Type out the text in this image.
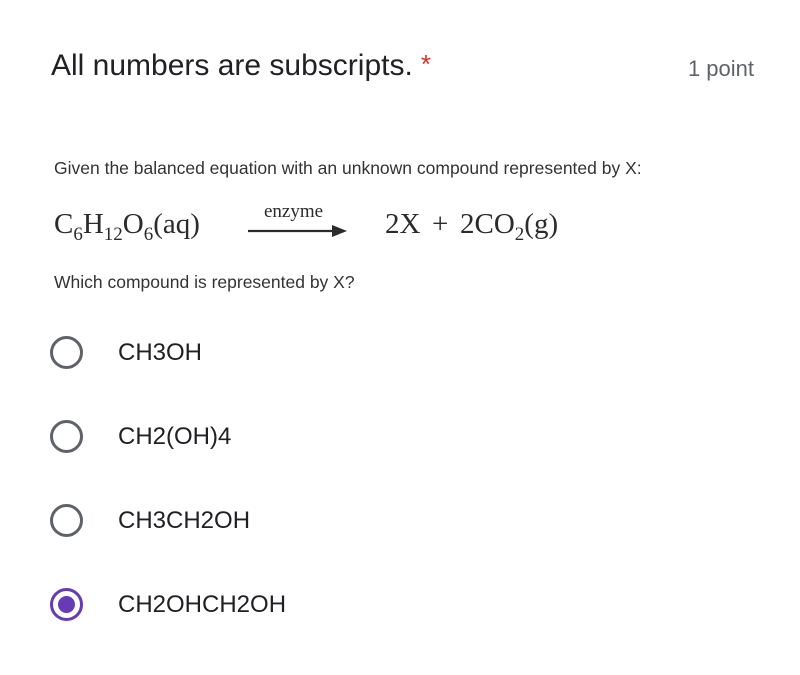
All numbers are subscripts. *	1 point
Given the balanced equation with an unknown compound represented by X:
$C_6H_{12}O_6(aq)$	enzyme $2X + 2CO_2(g)$
Which compound is represented by X?
CH3OH
CH2(OH)4
CH3CH2OH
CH2OHCH2OH
